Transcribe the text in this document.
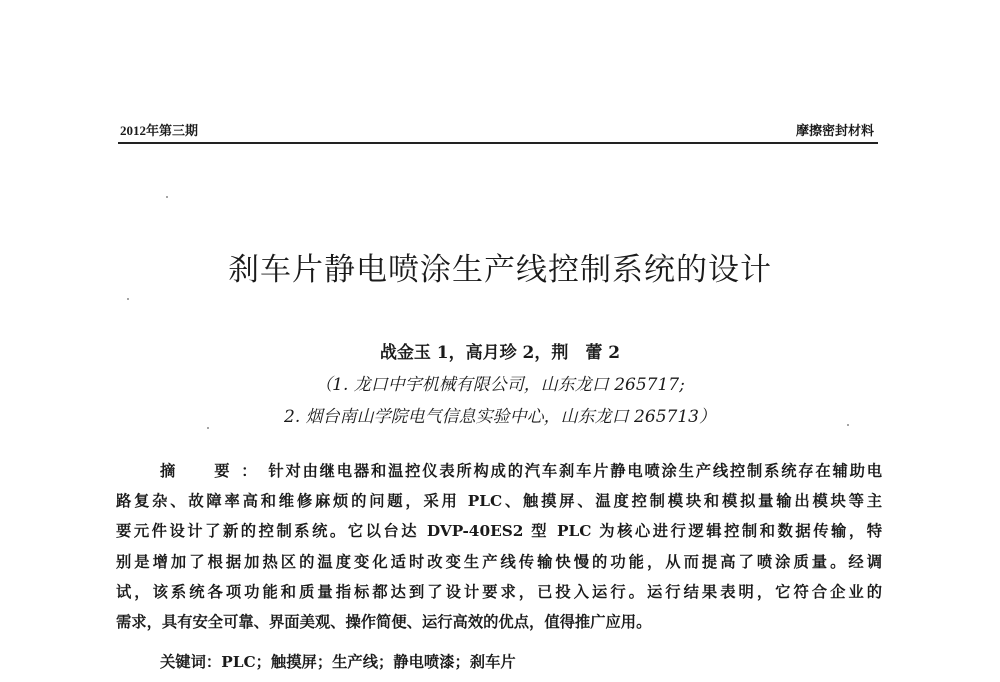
2012年第三期	摩擦密封材料
刹车片静电喷涂生产线控制系统的设计
战金玉 1，高月珍 2，荆　蕾 2
（1. 龙口中宇机械有限公司，山东龙口 265717;
2. 烟台南山学院电气信息实验中心，山东龙口 265713）
摘　要：针对由继电器和温控仪表所构成的汽车刹车片静电喷涂生产线控制系统存在辅助电
路复杂、故障率高和维修麻烦的问题，采用 PLC、触摸屏、温度控制模块和模拟量输出模块等主
要元件设计了新的控制系统。它以台达 DVP-40ES2 型 PLC 为核心进行逻辑控制和数据传输，特
别是增加了根据加热区的温度变化适时改变生产线传输快慢的功能，从而提高了喷涂质量。经调
试，该系统各项功能和质量指标都达到了设计要求，已投入运行。运行结果表明，它符合企业的
需求，具有安全可靠、界面美观、操作简便、运行高效的优点，值得推广应用。
关键词：PLC；触摸屏；生产线；静电喷漆；刹车片
